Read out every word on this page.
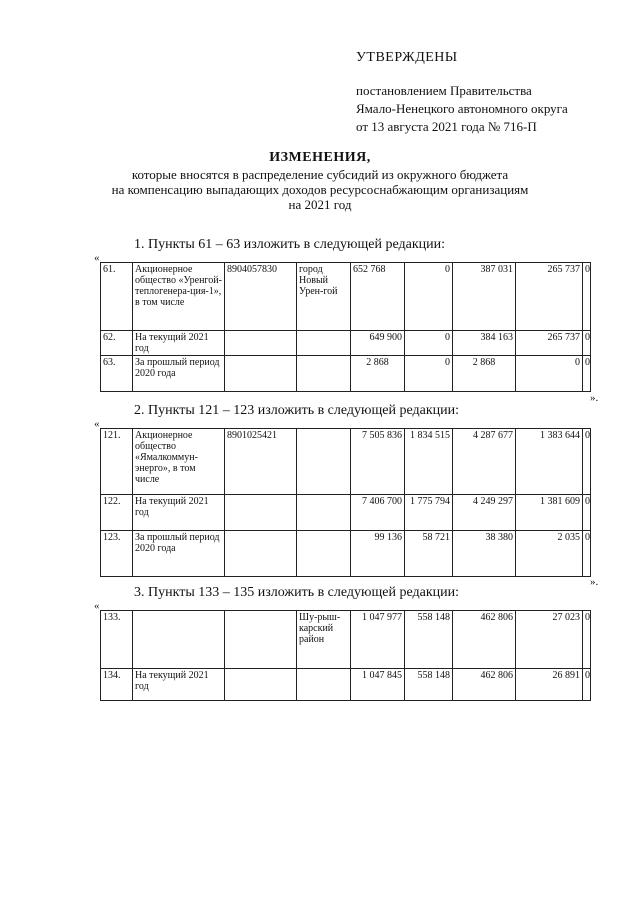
УТВЕРЖДЕНЫ
постановлением Правительства
Ямало-Ненецкого автономного округа
от 13 августа 2021 года № 716-П
ИЗМЕНЕНИЯ,
которые вносятся в распределение субсидий из окружного бюджета
на компенсацию выпадающих доходов ресурсоснабжающим организациям
на 2021 год
1. Пункты 61 – 63 изложить в следующей редакции:
«
61.	Акционерное общество «Уренгой-теплогенера-ция-1», в том числе	8904057830	город Новый Урен-гой	652 768	0	387 031	265 737	0
62.	На текущий 2021 год			649 900	0	384 163	265 737	0
63.	За прошлый период 2020 года			2 868	0	2 868	0	0
».
2. Пункты 121 – 123 изложить в следующей редакции:
«
121.	Акционерное общество «Ямалкоммун-энерго», в том числе	8901025421		7 505 836	1 834 515	4 287 677	1 383 644	0
122.	На текущий 2021 год			7 406 700	1 775 794	4 249 297	1 381 609	0
123.	За прошлый период 2020 года			99 136	58 721	38 380	2 035	0
».
3. Пункты 133 – 135 изложить в следующей редакции:
«
133.			Шу-рыш-карский район	1 047 977	558 148	462 806	27 023	0
134.	На текущий 2021 год			1 047 845	558 148	462 806	26 891	0
